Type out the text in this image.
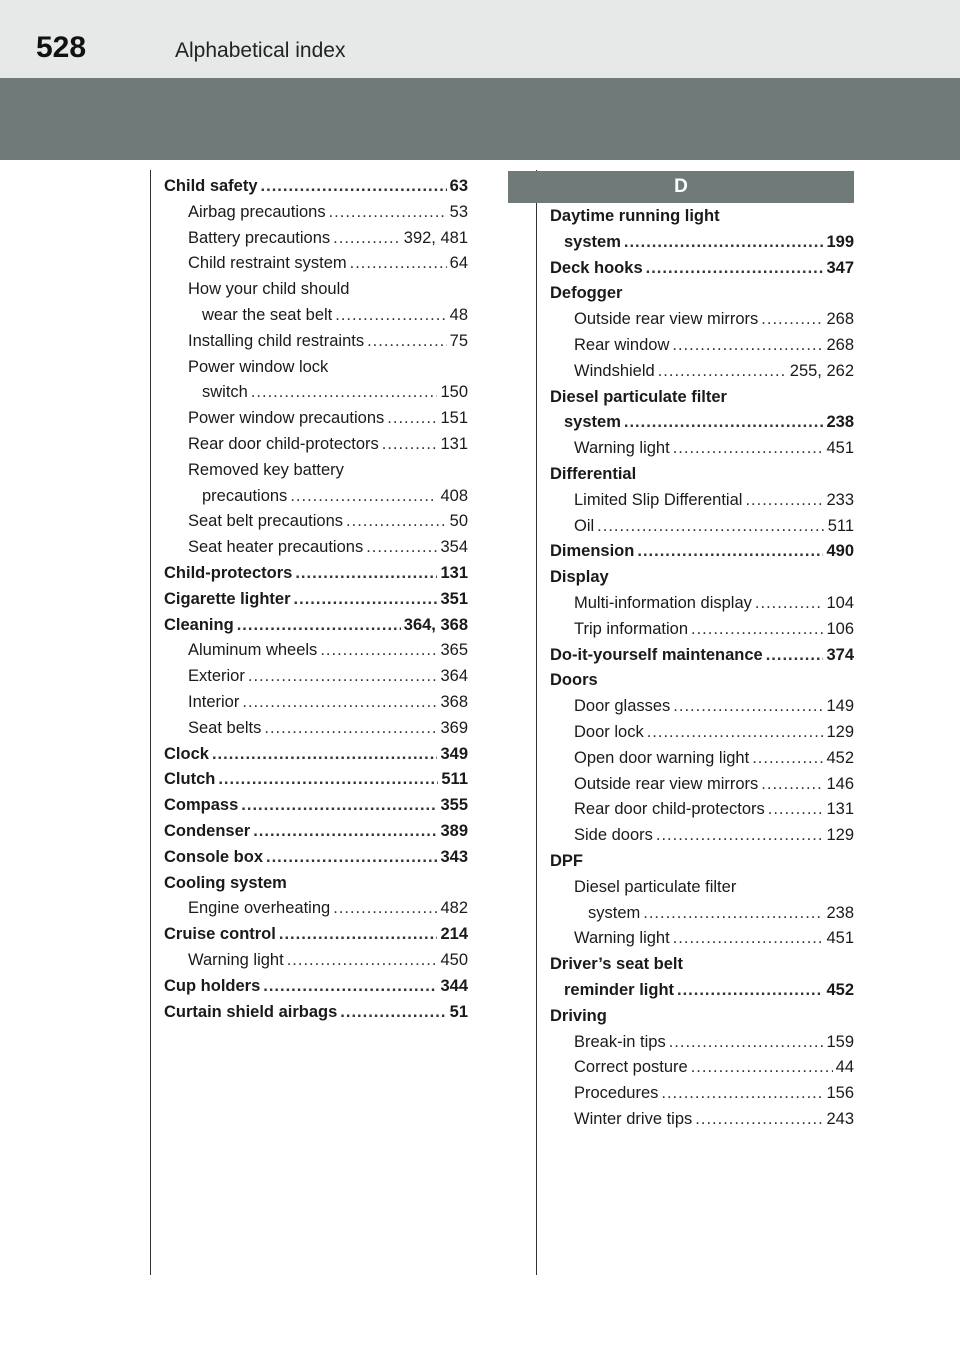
528	Alphabetical index
Child safety .....	63
Airbag precautions .....	53
Battery precautions .....	392, 481
Child restraint system .....	64
How your child should
wear the seat belt .....	48
Installing child restraints .....	75
Power window lock
switch .....	150
Power window precautions .....	151
Rear door child-protectors .....	131
Removed key battery
precautions .....	408
Seat belt precautions .....	50
Seat heater precautions .....	354
Child-protectors .....	131
Cigarette lighter .....	351
Cleaning .....	364, 368
Aluminum wheels .....	365
Exterior .....	364
Interior .....	368
Seat belts .....	369
Clock .....	349
Clutch .....	511
Compass .....	355
Condenser .....	389
Console box .....	343
Cooling system
Engine overheating .....	482
Cruise control .....	214
Warning light .....	450
Cup holders .....	344
Curtain shield airbags .....	51
D
Daytime running light
system .....	199
Deck hooks .....	347
Defogger
Outside rear view mirrors .....	268
Rear window .....	268
Windshield .....	255, 262
Diesel particulate filter
system .....	238
Warning light .....	451
Differential
Limited Slip Differential .....	233
Oil .....	511
Dimension .....	490
Display
Multi-information display .....	104
Trip information .....	106
Do-it-yourself maintenance .....	374
Doors
Door glasses .....	149
Door lock .....	129
Open door warning light .....	452
Outside rear view mirrors .....	146
Rear door child-protectors .....	131
Side doors .....	129
DPF
Diesel particulate filter
system .....	238
Warning light .....	451
Driver’s seat belt
reminder light .....	452
Driving
Break-in tips .....	159
Correct posture .....	44
Procedures .....	156
Winter drive tips .....	243
